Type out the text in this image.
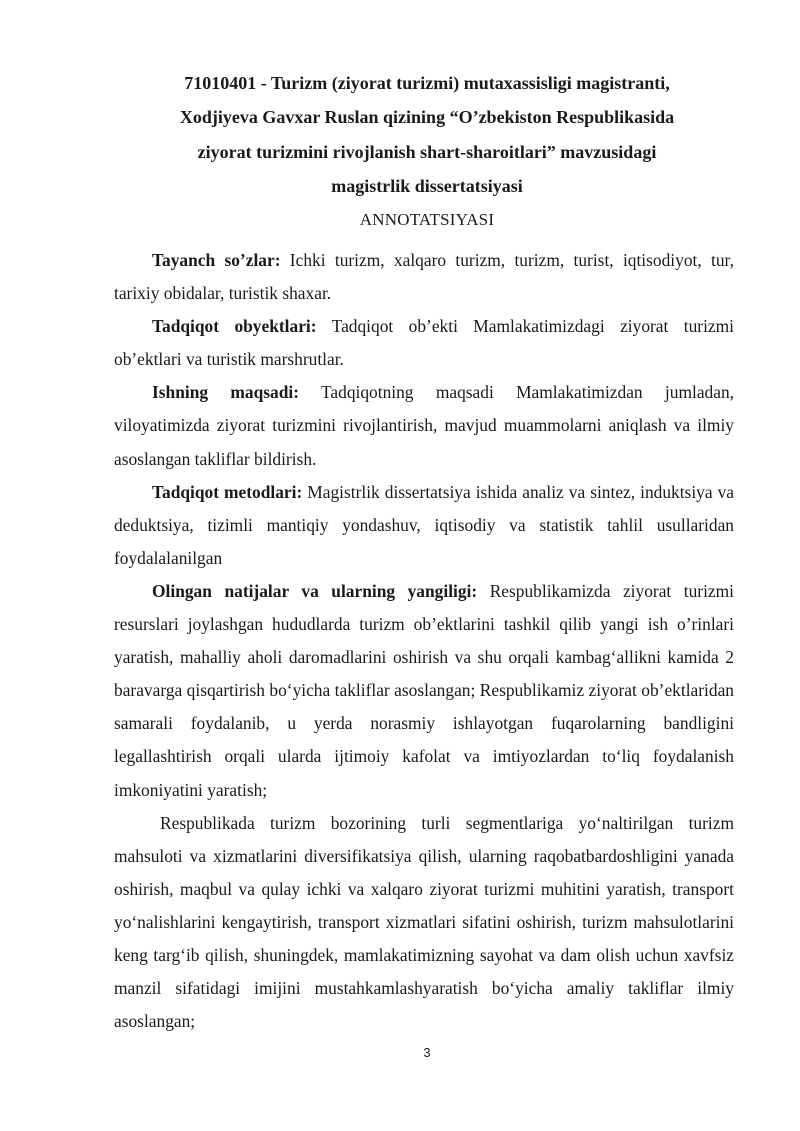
71010401 - Turizm (ziyorat turizmi) mutaxassisligi magistranti,
Xodjiyeva Gavxar Ruslan qizining “O’zbekiston Respublikasida
ziyorat turizmini rivojlanish shart-sharoitlari” mavzusidagi
magistrlik dissertatsiyasi
ANNOTATSIYASI

Tayanch so’zlar: Ichki turizm, xalqaro turizm, turizm, turist, iqtisodiyot, tur, tarixiy obidalar, turistik shaxar.

Tadqiqot obyektlari: Tadqiqot ob’ekti Mamlakatimizdagi ziyorat turizmi ob’ektlari va turistik marshrutlar.

Ishning maqsadi: Tadqiqotning maqsadi Mamlakatimizdan jumladan, viloyatimizda ziyorat turizmini rivojlantirish, mavjud muammolarni aniqlash va ilmiy asoslangan takliflar bildirish.

Tadqiqot metodlari: Magistrlik dissertatsiya ishida analiz va sintez, induktsiya va deduktsiya, tizimli mantiqiy yondashuv, iqtisodiy va statistik tahlil usullaridan foydalalanilgan

Olingan natijalar va ularning yangiligi: Respublikamizda ziyorat turizmi resurslari joylashgan hududlarda turizm ob’ektlarini tashkil qilib yangi ish o’rinlari yaratish, mahalliy aholi daromadlarini oshirish va shu orqali kambag‘allikni kamida 2 baravarga qisqartirish bo‘yicha takliflar asoslangan; Respublikamiz ziyorat ob’ektlaridan samarali foydalanib, u yerda norasmiy ishlayotgan fuqarolarning bandligini legallashtirish orqali ularda ijtimoiy kafolat va imtiyozlardan to‘liq foydalanish imkoniyatini yaratish;

Respublikada turizm bozorining turli segmentlariga yo‘naltirilgan turizm mahsuloti va xizmatlarini diversifikatsiya qilish, ularning raqobatbardoshligini yanada oshirish, maqbul va qulay ichki va xalqaro ziyorat turizmi muhitini yaratish, transport yo‘nalishlarini kengaytirish, transport xizmatlari sifatini oshirish, turizm mahsulotlarini keng targ‘ib qilish, shuningdek, mamlakatimizning sayohat va dam olish uchun xavfsiz manzil sifatidagi imijini mustahkamlashyaratish bo‘yicha amaliy takliflar ilmiy asoslangan;

3
